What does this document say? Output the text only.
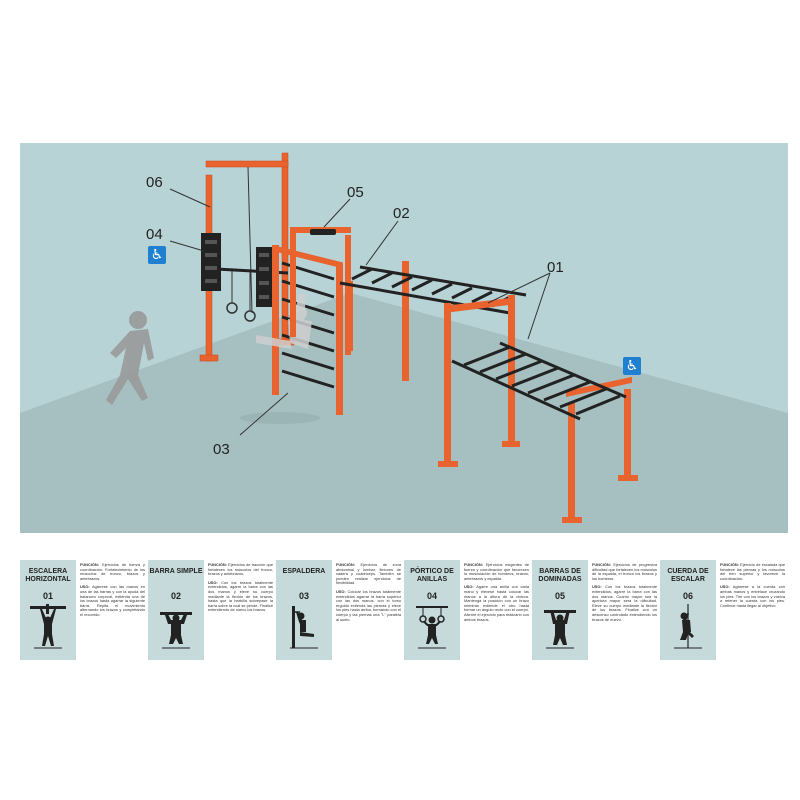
06
04
05
02
01
03
♿
♿
ESCALERA HORIZONTAL
01

FUNCIÓN: Ejercicios de fuerza y coordinación. Fortalecimiento de los músculos de tronco, brazos y antebrazos.

USO: Agárrese con las manos en una de las barras y con la ayuda del balanceo corporal, extienda una de los brazos hasta agarrar la siguiente barra. Repita el movimiento alternando los brazos y completando el recorrido.

BARRA SIMPLE
02

FUNCIÓN: Ejercicios de tracción que fortalecen los músculos del tronco, brazos y antebrazos.

USO: Con los brazos totalmente extendidos, agarre la barra con las dos manos y eleve su cuerpo mediante la flexión de los brazos, hasta que la barbilla sobrepase la barra sobre la cual se pende. Finalice extendiendo de nuevo los brazos.

ESPALDERA
03

FUNCIÓN: Ejercicios de zona abdominal y lumbar, flexores de cadera y cuádriceps. También se pueden realizar ejercicios de flexibilidad.

USO: Colocar los brazos totalmente extendidos agarrar la barra superior con las dos manos, con el torso erguido extienda las piernas y eleve los pies hacia arriba, formando con el cuerpo y las piernas una "L" paralela al suelo.

PÓRTICO DE ANILLAS
04

FUNCIÓN: Ejercicios exigentes de fuerza y coordinación que favorecen la musculación de hombros, brazos, antebrazos y espalda.

USO: Agarre una anilla con cada mano y elévese hasta colocar las manos a la altura de la cintura. Mantenga la posición con un brazo mientras extiende el otro hasta formar un ángulo recto con el cuerpo. Alterne el ejercicio para realizarlo con ambos brazos.

BARRAS DE DOMINADAS
05

FUNCIÓN: Ejercicios de progresiva dificultad que fortalecen los músculos de la espalda, el tronco los brazos y los hombros.

USO: Con los brazos totalmente extendidos, agarre la barra con las dos manos. Cuanto mayor sea la apertura mayor será la dificultad. Eleve su cuerpo mediante la flexión de los brazos. Finalice con un descenso controlado extendiendo los brazos de nuevo.

CUERDA DE ESCALAR
06

FUNCIÓN: Ejercicio de escalada que fortalece las piernas y los músculos del tren superior y favorece la coordinación.

USO: Agárrese a la cuerda con ambas manos y entrelace cruzando los pies. Tire con los brazos y vuelva a retener la cuerda con los pies. Continúe hasta llegar al objetivo.
